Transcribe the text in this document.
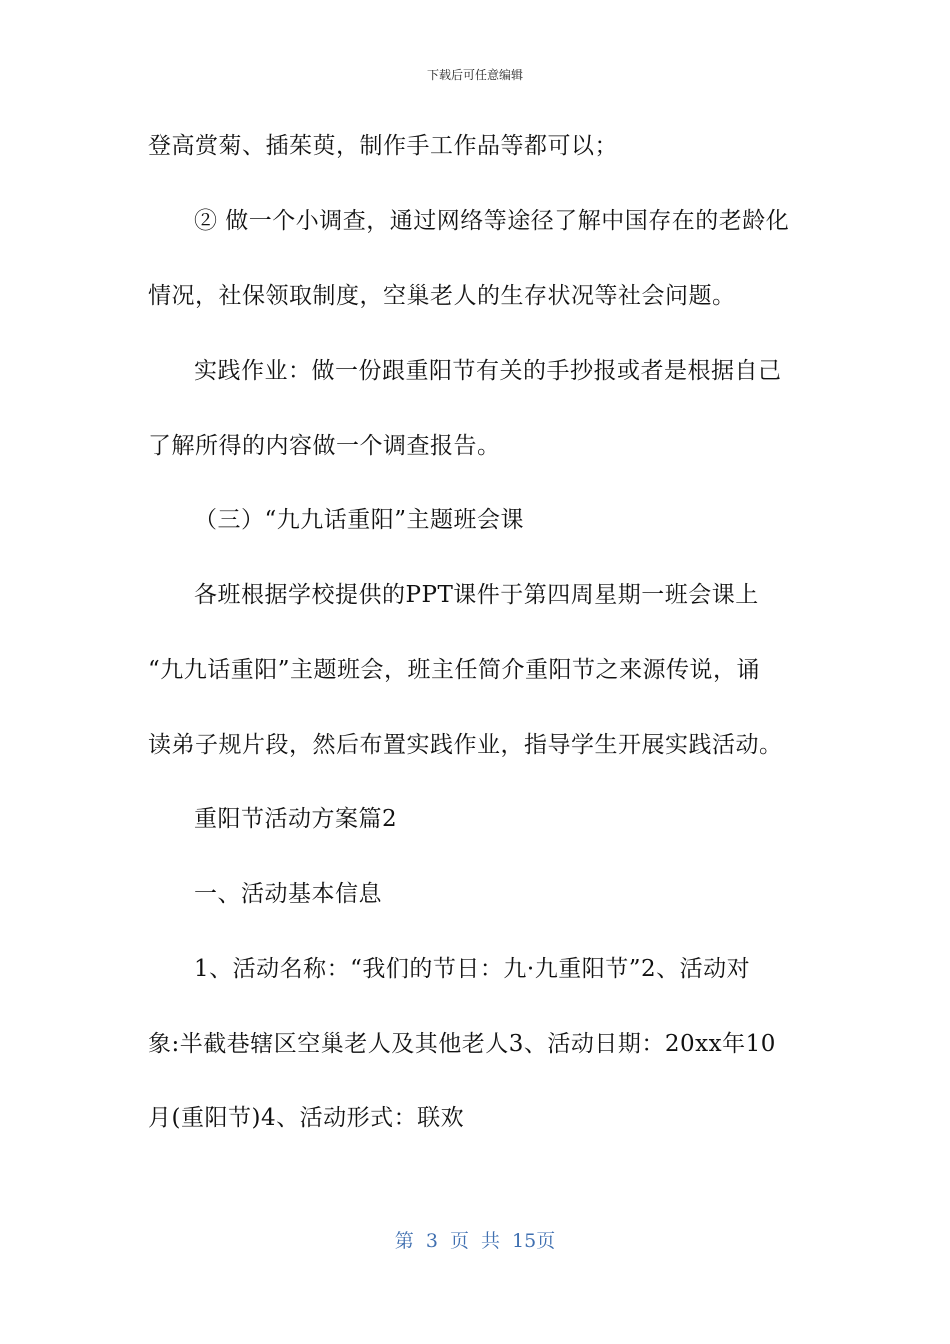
下载后可任意编辑
登高赏菊、插茱萸，制作手工作品等都可以；
② 做一个小调查，通过网络等途径了解中国存在的老龄化
情况，社保领取制度，空巢老人的生存状况等社会问题。
实践作业：做一份跟重阳节有关的手抄报或者是根据自己
了解所得的内容做一个调查报告。
（三）“九九话重阳”主题班会课
各班根据学校提供的PPT课件于第四周星期一班会课上
“九九话重阳”主题班会，班主任简介重阳节之来源传说，诵
读弟子规片段，然后布置实践作业，指导学生开展实践活动。
重阳节活动方案篇2
一、活动基本信息
1、活动名称：“我们的节日：九·九重阳节”2、活动对
象:半截巷辖区空巢老人及其他老人3、活动日期：20xx年10
月(重阳节)4、活动形式：联欢
第 3 页 共 15页
